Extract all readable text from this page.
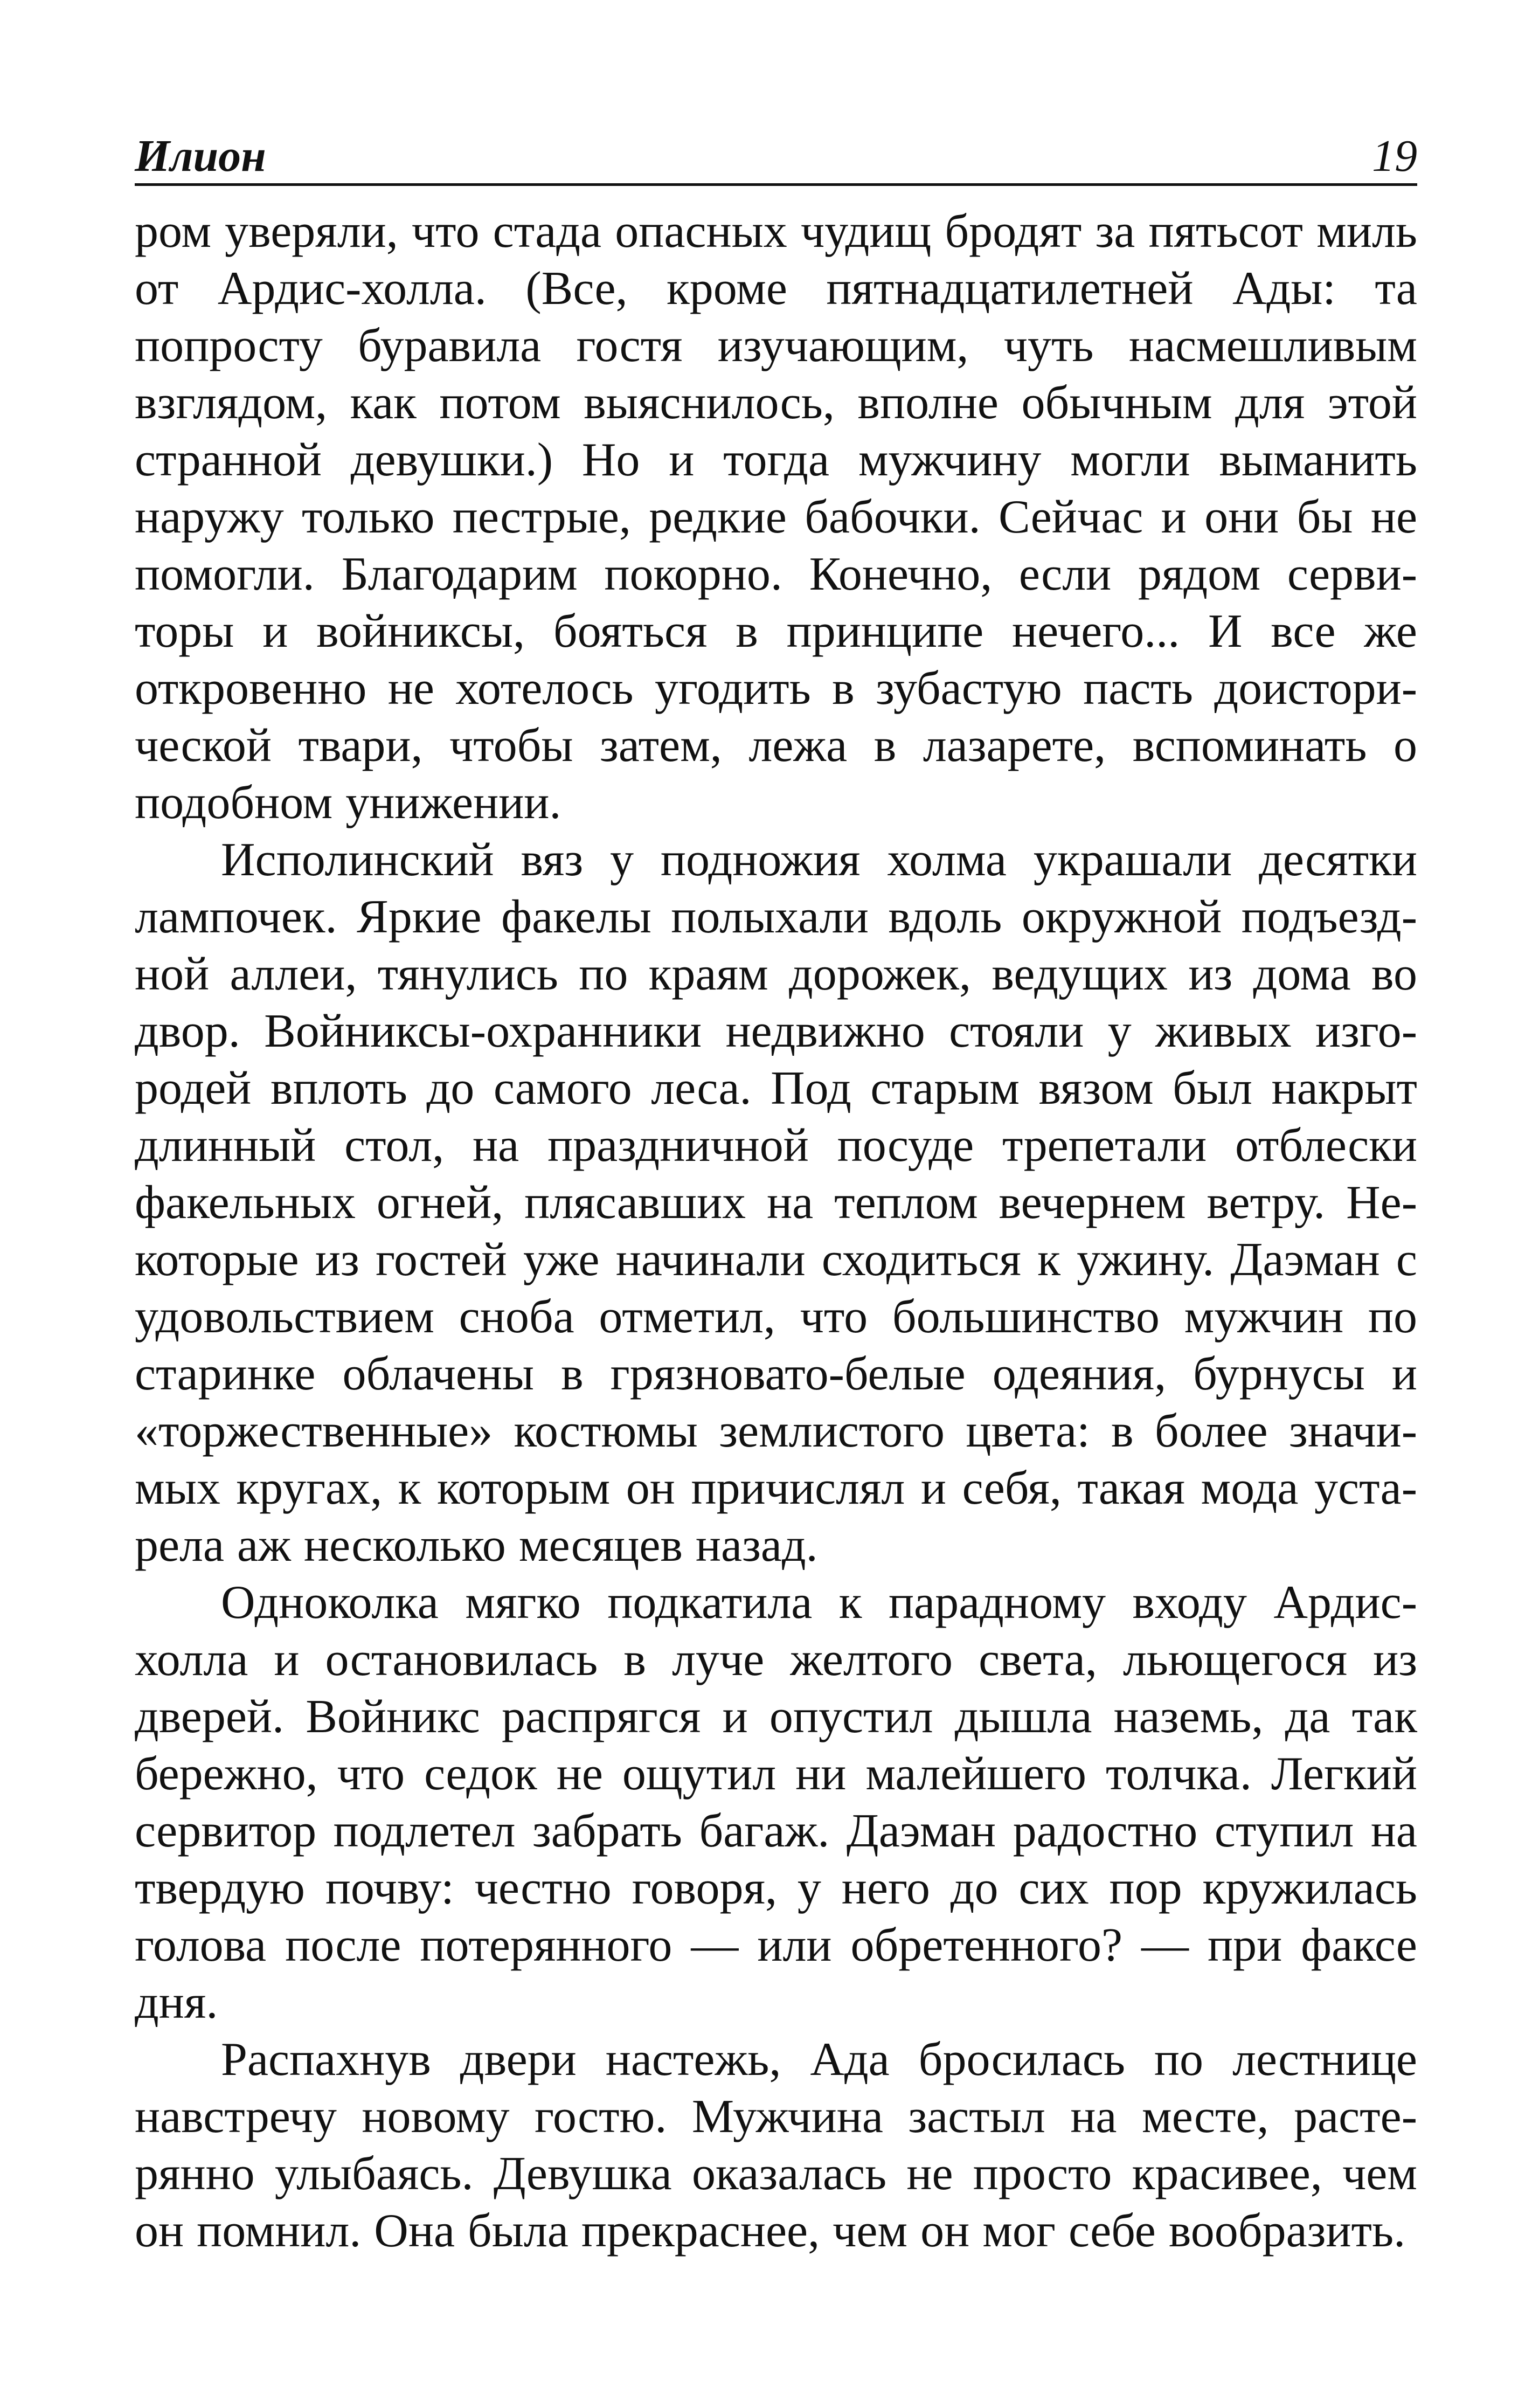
Илион	19

ром уверяли, что стада опасных чудищ бродят за пятьсот миль от Ардис-холла. (Все, кроме пятнадцатилетней Ады: та попросту буравила гостя изучающим, чуть насмешливым взглядом, как потом выяснилось, вполне обычным для этой странной девушки.) Но и тогда мужчину могли выманить наружу только пестрые, редкие бабочки. Сейчас и они бы не помогли. Благодарим покорно. Конечно, если рядом сервиторы и войниксы, бояться в принципе нечего... И все же откровенно не хотелось угодить в зубастую пасть доисторической твари, чтобы затем, лежа в лазарете, вспоминать о подобном унижении.

Исполинский вяз у подножия холма украшали десятки лампочек. Яркие факелы полыхали вдоль окружной подъездной аллеи, тянулись по краям дорожек, ведущих из дома во двор. Войниксы-охранники недвижно стояли у живых изгородей вплоть до самого леса. Под старым вязом был накрыт длинный стол, на праздничной посуде трепетали отблески факельных огней, плясавших на теплом вечернем ветру. Некоторые из гостей уже начинали сходиться к ужину. Даэман с удовольствием сноба отметил, что большинство мужчин по старинке облачены в грязновато-белые одеяния, бурнусы и «торжественные» костюмы землистого цвета: в более значимых кругах, к которым он причислял и себя, такая мода устарела аж несколько месяцев назад.

Одноколка мягко подкатила к парадному входу Ардис-холла и остановилась в луче желтого света, льющегося из дверей. Войникс распрягся и опустил дышла наземь, да так бережно, что седок не ощутил ни малейшего толчка. Легкий сервитор подлетел забрать багаж. Даэман радостно ступил на твердую почву: честно говоря, у него до сих пор кружилась голова после потерянного — или обретенного? — при факсе дня.

Распахнув двери настежь, Ада бросилась по лестнице навстречу новому гостю. Мужчина застыл на месте, растерянно улыбаясь. Девушка оказалась не просто красивее, чем он помнил. Она была прекраснее, чем он мог себе вообразить.
